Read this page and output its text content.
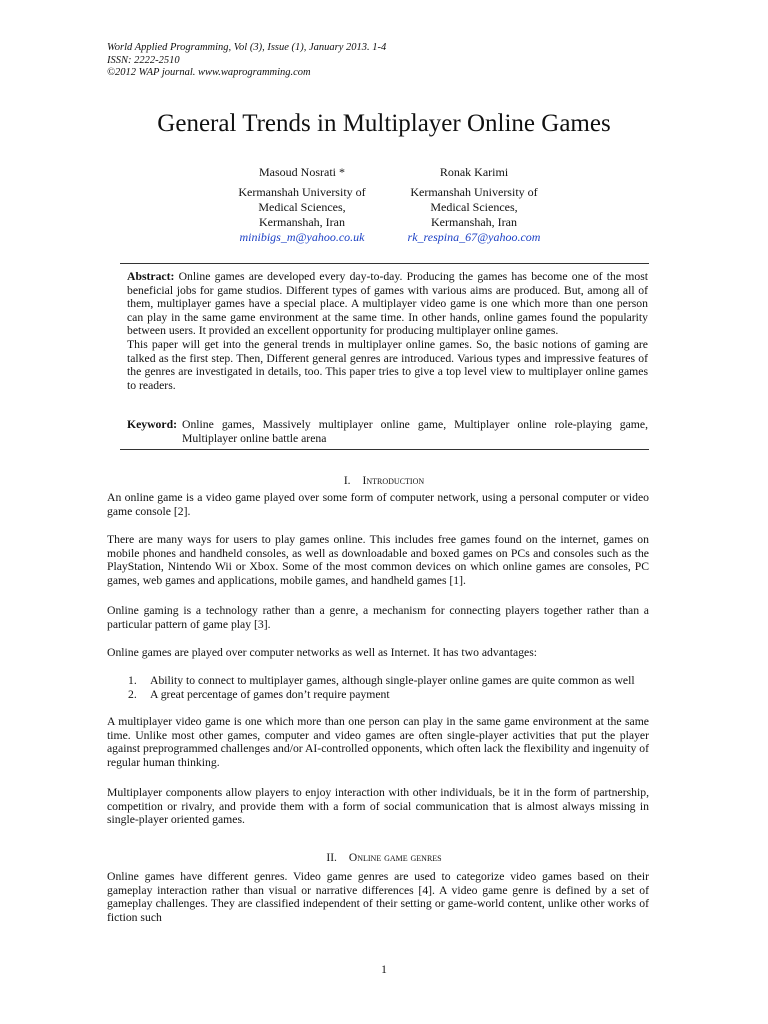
World Applied Programming, Vol (3), Issue (1), January 2013. 1-4
ISSN: 2222-2510
©2012 WAP journal. www.waprogramming.com
General Trends in Multiplayer Online Games
Masoud Nosrati *
Kermanshah University of
Medical Sciences,
Kermanshah, Iran
minibigs_m@yahoo.co.uk
Ronak Karimi
Kermanshah University of
Medical Sciences,
Kermanshah, Iran
rk_respina_67@yahoo.com

Abstract: Online games are developed every day-to-day. Producing the games has become one of the most beneficial jobs for game studios. Different types of games with various aims are produced. But, among all of them, multiplayer games have a special place. A multiplayer video game is one which more than one person can play in the same game environment at the same time. In other hands, online games found the popularity between users. It provided an excellent opportunity for producing multiplayer online games.

This paper will get into the general trends in multiplayer online games. So, the basic notions of gaming are talked as the first step. Then, Different general genres are introduced. Various types and impressive features of the genres are investigated in details, too. This paper tries to give a top level view to multiplayer online games to readers.

Keyword: Online games, Massively multiplayer online game, Multiplayer online role-playing game, Multiplayer online battle arena
I. Introduction

An online game is a video game played over some form of computer network, using a personal computer or video game console [2].

There are many ways for users to play games online. This includes free games found on the internet, games on mobile phones and handheld consoles, as well as downloadable and boxed games on PCs and consoles such as the PlayStation, Nintendo Wii or Xbox. Some of the most common devices on which online games are consoles, PC games, web games and applications, mobile games, and handheld games [1].

Online gaming is a technology rather than a genre, a mechanism for connecting players together rather than a particular pattern of game play [3].

Online games are played over computer networks as well as Internet. It has two advantages:

1.	Ability to connect to multiplayer games, although single-player online games are quite common as well
2.	A great percentage of games don’t require payment

A multiplayer video game is one which more than one person can play in the same game environment at the same time. Unlike most other games, computer and video games are often single-player activities that put the player against preprogrammed challenges and/or AI-controlled opponents, which often lack the flexibility and ingenuity of regular human thinking.

Multiplayer components allow players to enjoy interaction with other individuals, be it in the form of partnership, competition or rivalry, and provide them with a form of social communication that is almost always missing in single-player oriented games.

II. Online game genres

Online games have different genres. Video game genres are used to categorize video games based on their gameplay interaction rather than visual or narrative differences [4]. A video game genre is defined by a set of gameplay challenges. They are classified independent of their setting or game-world content, unlike other works of fiction such

1
